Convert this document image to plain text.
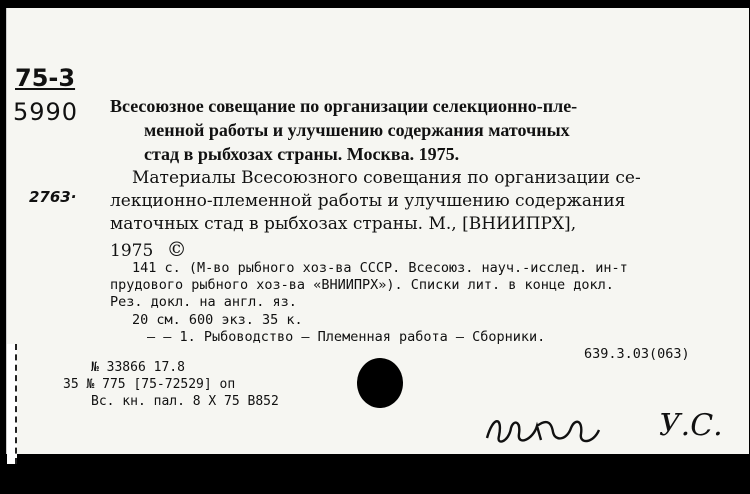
75-3
5990
2763·
Всесоюзное совещание по организации селекционно-пле-
менной работы и улучшению содержания маточных
стад в рыбхозах страны. Москва. 1975.
Материалы Всесоюзного совещания по организации се-
лекционно-племенной работы и улучшению содержания
маточных стад в рыбхозах страны. М., [ВНИИПРХ],
1975 ©
141 с. (М-во рыбного хоз-ва СССР. Всесоюз. науч.-исслед. ин-т
прудового рыбного хоз-ва «ВНИИПРХ»). Списки лит. в конце докл.
Рез. докл. на англ. яз.
20 см. 600 экз. 35 к.
— — 1. Рыбоводство — Племенная работа — Сборники.
639.3.03(063)
№ 33866 17.8
35 № 775 [75-72529] оп
Вс. кн. пал. 8 X 75 В852
У.С.
